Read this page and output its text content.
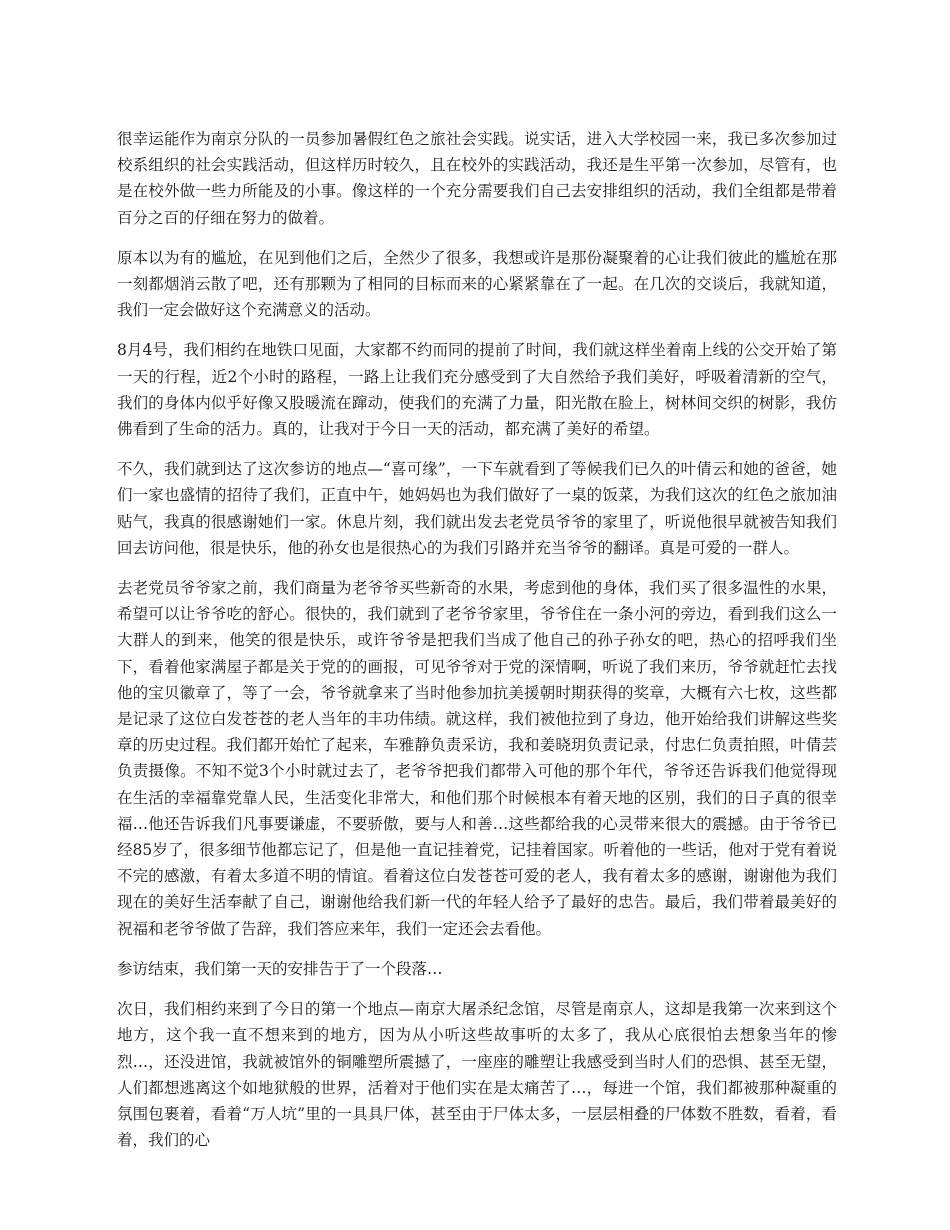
很幸运能作为南京分队的一员参加暑假红色之旅社会实践。说实话，进入大学校园一来，我已多次参加过校系组织的社会实践活动，但这样历时较久，且在校外的实践活动，我还是生平第一次参加，尽管有，也是在校外做一些力所能及的小事。像这样的一个充分需要我们自己去安排组织的活动，我们全组都是带着百分之百的仔细在努力的做着。

原本以为有的尴尬，在见到他们之后，全然少了很多，我想或许是那份凝聚着的心让我们彼此的尴尬在那一刻都烟消云散了吧，还有那颗为了相同的目标而来的心紧紧靠在了一起。在几次的交谈后，我就知道，我们一定会做好这个充满意义的活动。

8月4号，我们相约在地铁口见面，大家都不约而同的提前了时间，我们就这样坐着南上线的公交开始了第一天的行程，近2个小时的路程，一路上让我们充分感受到了大自然给予我们美好，呼吸着清新的空气，我们的身体内似乎好像又股暖流在蹿动，使我们的充满了力量，阳光散在脸上，树林间交织的树影，我仿佛看到了生命的活力。真的，让我对于今日一天的活动，都充满了美好的希望。

不久，我们就到达了这次参访的地点—“喜可缘”，一下车就看到了等候我们已久的叶倩云和她的爸爸，她们一家也盛情的招待了我们，正直中午，她妈妈也为我们做好了一桌的饭菜，为我们这次的红色之旅加油贴气，我真的很感谢她们一家。休息片刻，我们就出发去老党员爷爷的家里了，听说他很早就被告知我们回去访问他，很是快乐，他的孙女也是很热心的为我们引路并充当爷爷的翻译。真是可爱的一群人。

去老党员爷爷家之前，我们商量为老爷爷买些新奇的水果，考虑到他的身体，我们买了很多温性的水果，希望可以让爷爷吃的舒心。很快的，我们就到了老爷爷家里，爷爷住在一条小河的旁边，看到我们这么一大群人的到来，他笑的很是快乐，或许爷爷是把我们当成了他自己的孙子孙女的吧，热心的招呼我们坐下，看着他家满屋子都是关于党的的画报，可见爷爷对于党的深情啊，听说了我们来历，爷爷就赶忙去找他的宝贝徽章了，等了一会，爷爷就拿来了当时他参加抗美援朝时期获得的奖章，大概有六七枚，这些都是记录了这位白发苍苍的老人当年的丰功伟绩。就这样，我们被他拉到了身边，他开始给我们讲解这些奖章的历史过程。我们都开始忙了起来，车雅静负责采访，我和姜晓玥负责记录，付忠仁负责拍照，叶倩芸负责摄像。不知不觉3个小时就过去了，老爷爷把我们都带入可他的那个年代，爷爷还告诉我们他觉得现在生活的幸福靠党靠人民，生活变化非常大，和他们那个时候根本有着天地的区别，我们的日子真的很幸福…他还告诉我们凡事要谦虚，不要骄傲，要与人和善…这些都给我的心灵带来很大的震撼。由于爷爷已经85岁了，很多细节他都忘记了，但是他一直记挂着党，记挂着国家。听着他的一些话，他对于党有着说不完的感激，有着太多道不明的情谊。看着这位白发苍苍可爱的老人，我有着太多的感谢，谢谢他为我们现在的美好生活奉献了自己，谢谢他给我们新一代的年轻人给予了最好的忠告。最后，我们带着最美好的祝福和老爷爷做了告辞，我们答应来年，我们一定还会去看他。

参访结束，我们第一天的安排告于了一个段落…

次日，我们相约来到了今日的第一个地点—南京大屠杀纪念馆，尽管是南京人，这却是我第一次来到这个地方，这个我一直不想来到的地方，因为从小听这些故事听的太多了，我从心底很怕去想象当年的惨烈…，还没进馆，我就被馆外的铜雕塑所震撼了，一座座的雕塑让我感受到当时人们的恐惧、甚至无望，人们都想逃离这个如地狱般的世界，活着对于他们实在是太痛苦了…，每进一个馆，我们都被那种凝重的氛围包裹着，看着“万人坑”里的一具具尸体，甚至由于尸体太多，一层层相叠的尸体数不胜数，看着，看着，我们的心
